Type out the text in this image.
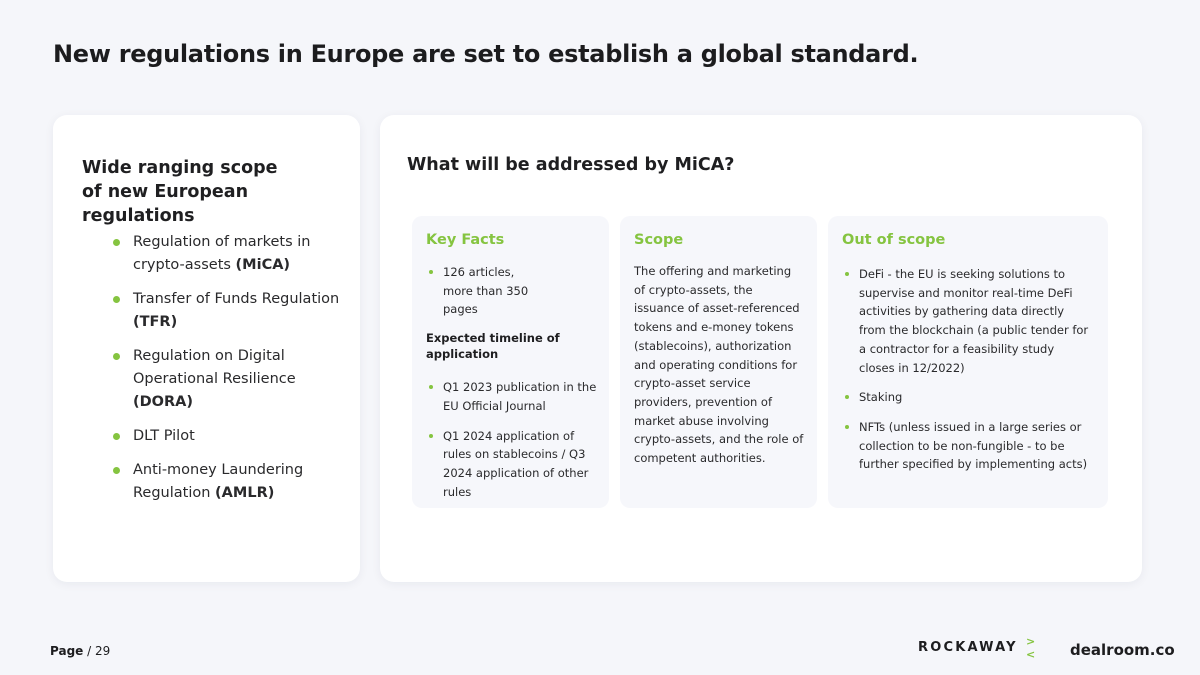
New regulations in Europe are set to establish a global standard.
Wide ranging scope
of new European regulations
Regulation of markets in crypto-assets (MiCA)
Transfer of Funds Regulation (TFR)
Regulation on Digital Operational Resilience (DORA)
DLT Pilot
Anti-money Laundering Regulation (AMLR)
What will be addressed by MiCA?
Key Facts
126 articles, more than 350 pages
Expected timeline of application
Q1 2023 publication in the EU Official Journal
Q1 2024 application of rules on stablecoins / Q3 2024 application of other rules
Scope
The offering and marketing of crypto-assets, the issuance of asset-referenced tokens and e-money tokens (stablecoins), authorization and operating conditions for crypto-asset service providers, prevention of market abuse involving crypto-assets, and the role of competent authorities.
Out of scope
DeFi - the EU is seeking solutions to supervise and monitor real-time DeFi activities by gathering data directly from the blockchain (a public tender for a contractor for a feasibility study closes in 12/2022)
Staking
NFTs (unless issued in a large series or collection to be non-fungible - to be further specified by implementing acts)
Page / 29	ROCKAWAY >< dealroom.co
